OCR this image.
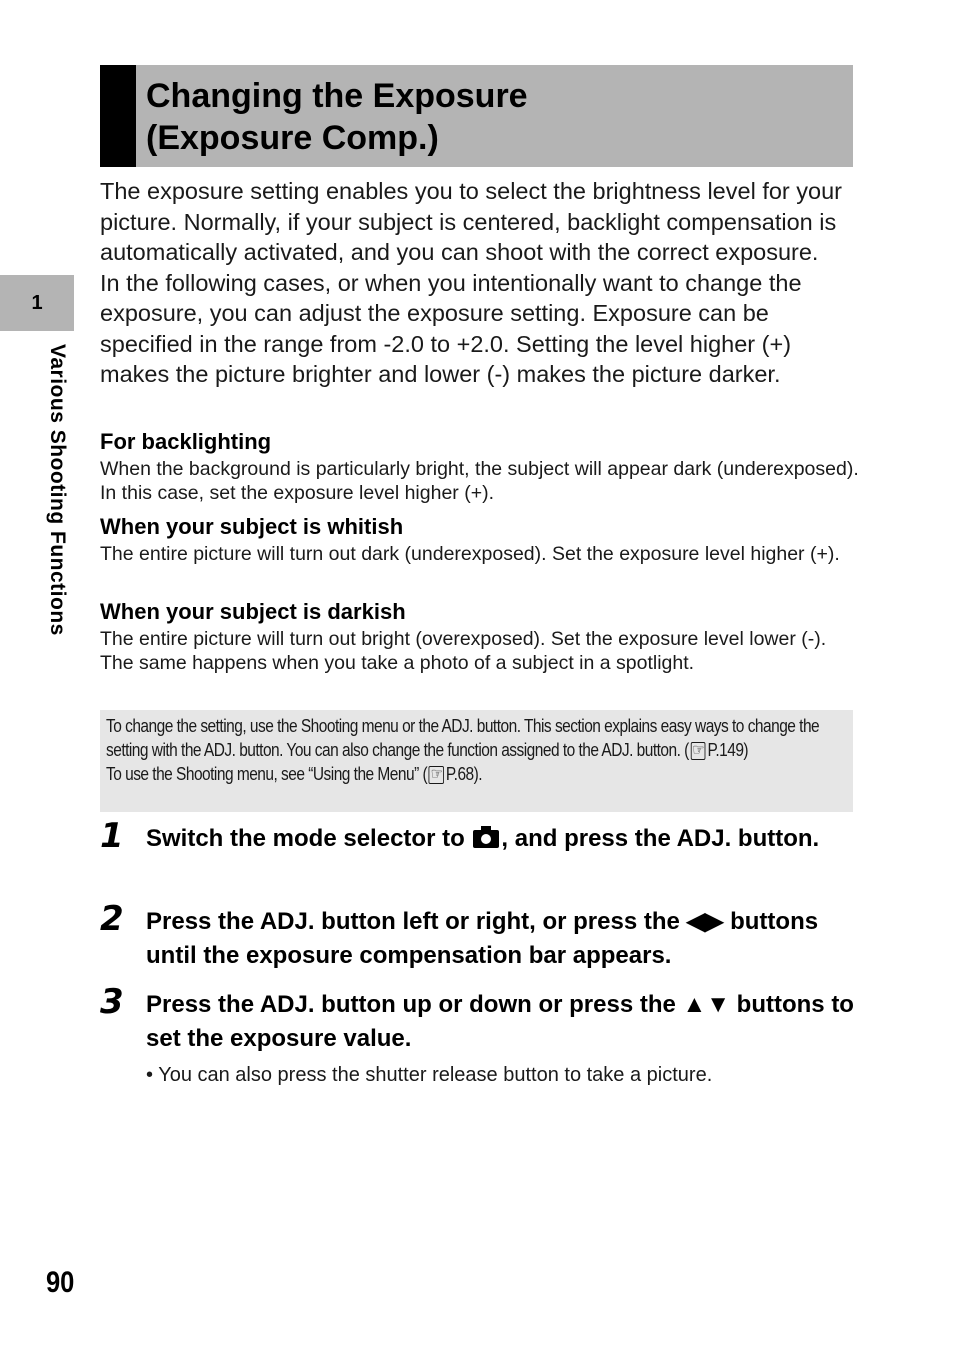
Changing the Exposure
(Exposure Comp.)
1
Various Shooting Functions

The exposure setting enables you to select the brightness level for your picture. Normally, if your subject is centered, backlight compensation is automatically activated, and you can shoot with the correct exposure.

In the following cases, or when you intentionally want to change the exposure, you can adjust the exposure setting. Exposure can be specified in the range from -2.0 to +2.0. Setting the level higher (+) makes the picture brighter and lower (-) makes the picture darker.

For backlighting

When the background is particularly bright, the subject will appear dark (underexposed). In this case, set the exposure level higher (+).

When your subject is whitish

The entire picture will turn out dark (underexposed). Set the exposure level higher (+).

When your subject is darkish

The entire picture will turn out bright (overexposed). Set the exposure level lower (-).

The same happens when you take a photo of a subject in a spotlight.

To change the setting, use the Shooting menu or the ADJ. button. This section explains easy ways to change the setting with the ADJ. button. You can also change the function assigned to the ADJ. button. ( ☞ P.149)

To use the Shooting menu, see “Using the Menu” ( ☞ P.68).

1 Switch the mode selector to
, and press the ADJ. button.
2 Press the ADJ. button left or right, or press the ◀▶ buttons until the exposure compensation bar appears.
3 Press the ADJ. button up or down or press the ▲▼ buttons to set the exposure value.
• You can also press the shutter release button to take a picture.
90
